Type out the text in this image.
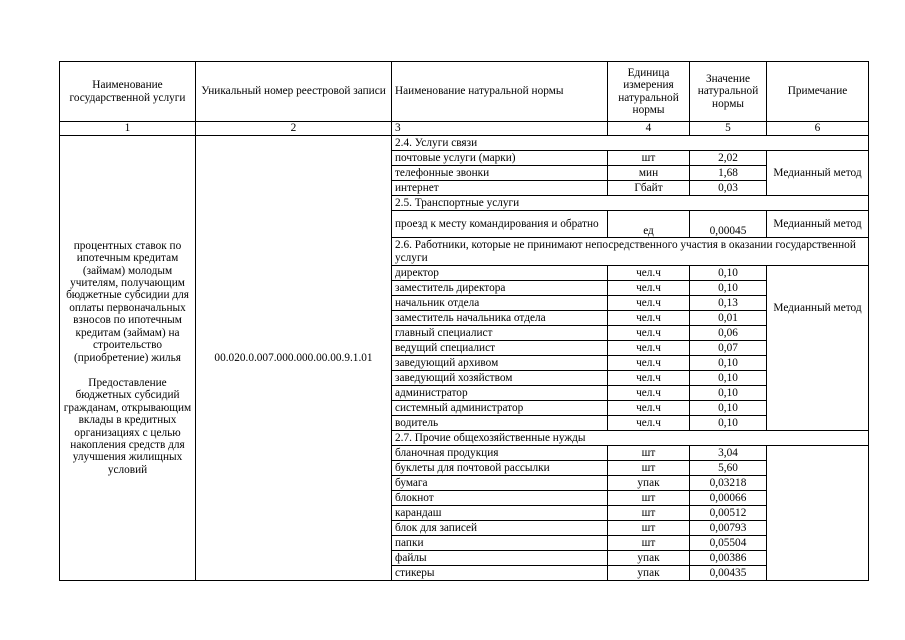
Наименование государственной услуги	Уникальный номер реестровой записи	Наименование натуральной нормы	Единица измерения натуральной нормы	Значение натуральной нормы	Примечание
1	2	3	4	5	6

процентных ставок по ипотечным кредитам (займам) молодым учителям, получающим бюджетные субсидии для оплаты первоначальных взносов по ипотечным кредитам (займам) на строительство (приобретение) жилья
Предоставление бюджетных субсидий гражданам, открывающим вклады в кредитных организациях с целью накопления средств для улучшения жилищных условий	00.020.0.007.000.000.00.00.9.1.01	2.4. Услуги связи			
		почтовые услуги (марки)	шт	2,02	Медианный метод
		телефонные звонки	мин	1,68	
		интернет	Гбайт	0,03	
		2.5. Транспортные услуги			
		проезд к месту командирования и обратно	ед	0,00045	Медианный метод
		2.6. Работники, которые не принимают непосредственного участия в оказании государственной услуги			
		директор	чел.ч	0,10	Медианный метод
		заместитель директора	чел.ч	0,10	
		начальник отдела	чел.ч	0,13	
		заместитель начальника отдела	чел.ч	0,01	
		главный специалист	чел.ч	0,06	
		ведущий специалист	чел.ч	0,07	
		заведующий архивом	чел.ч	0,10	
		заведующий хозяйством	чел.ч	0,10	
		администратор	чел.ч	0,10	
		системный администратор	чел.ч	0,10	
		водитель	чел.ч	0,10	
		2.7. Прочие общехозяйственные нужды			
		бланочная продукция	шт	3,04	
		буклеты для почтовой рассылки	шт	5,60	
		бумага	упак	0,03218	
		блокнот	шт	0,00066	
		карандаш	шт	0,00512	
		блок для записей	шт	0,00793	
		папки	шт	0,05504	
		файлы	упак	0,00386	
		стикеры	упак	0,00435	
